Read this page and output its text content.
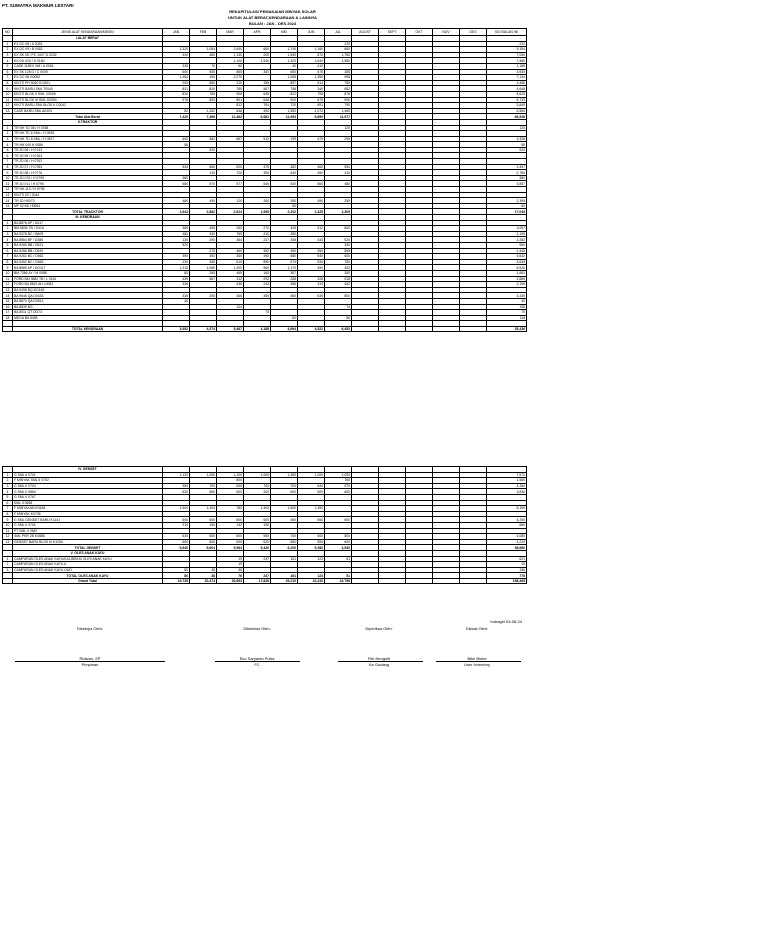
PT. SUMATRA MAKMUR LESTARI
REKAPITULASI PEMAKAIAN MINYAK SOLAR
UNTUK ALAT BERAT,KENDARAAN & LAINNYA
BULAN : JAN - DES 2024
NO	JENIS ALAT KENDARAAN/MESIN	JAN	FEB	MAR	APR	MEI	JUN	JUL	AGUST	SEPT	OKT	NOV	DES	S/D BULAN INI
	I.ALAT BERAT													
1	EX DC 08 / A 0033							220						220
2	EX DC 09 / B 0082	1,320	1,084	2,640	660	1,740	1,160	660						9,194
3	EX SK 05 / PC 1007 D 0232	440	480	1,140	200	1,540	670	1,760						7,050
4	EX DX 023 / D 0160			1,100	1,540	1,320	1,540	1,980						7,480
5	CASE 1189 II SM / A 0064	335	70	60		40	415							1,185
6	EX SK 125 D / C 0009	600	550	865	300	650	675	285						3,930
7	EX DC 08 G0052	1,464	150	2,070		1,065	1,350	995						7,134
8	KKOTI PH 9020 B 0201	200	680	210	155	897	614	750						3,486
9	KKOTI BARU SML T0040	831	820	780	567	758	340	652						4,648
10	KKOTI BLOK II SML C0006	810	765	908	645	822	795	878						5,628
11	KKOTI BLOK III SML D0094	976	803	801	648	920	675	900						5,733
12	KKOTI BARU SML BLOK II C0042			812	764	720	691	790						3,849
13	CASE BARU SML A0104	80	1,262	646	490	1,550	1,070	1,465						6,564
	Total Alat Berat	7,420	7,366	12,462	5,981	11,953	9,890	11,977						66,528
	II.TRAKTOR													
1	TR NH TD 08 / H 0788							120						120
2	TR NH TD 6 SML / H 0928													
3	TR NH TD 6 SML / H 0927	600	582	667	910	199	475	295						3,328
4	TR NH 040 H 0086	58												58
5	TR JD 06 / H 0743		520											520
6	TR JD 05 / H 0763													-
7	TR JD 06 / H 0762													-
8	TR JD 07 / H 0784	545	560	520	370	482	460	550						3,497
9	TR JD 08 / H 0776		110	720	390	640	490	410						2,780
10	TR JD 076 / H 0790	380												380
11	TR JD 011 / H 0795	580	570	577	540	530	560	480						3,857
12	TR NH 110 / H 0796													
13	KKOTI 02 / 0044													
14	TR JD H0073	480	490	120	280	280	490	255						2,395
15	MF 52 BD H0654					60								60
	TOTAL TRACKTOR	2,643	2,882	2,624	1,990	2,202	2,425	2,309						17,045
	III. KENDRAAN													
1	BA 8876 AP / D417													
2	BM 8835 TB / D416	385	455	250	270	425	512	800						3,097
3	BA 9378 BC / B609	480	430	765	210	280								2,195
4	BA 8564 BF / D385	130	290	364	237	308	433	520						2,282
5	BA 9265 BB / D521	520						340						960
6	BA 9266 BB / D520		270	460	490	460	260	595						2,445
7	BA 9262 BC / D562	390	492	360	490	680	540	600						3,642
8	BA 9262 BC / D563	130	455	610	890	670	530	750						3,635
9	BA 8969 AP / DO117	1,210	1,080	1,200	960	1,170	490	400						6,920
10	BM 7386 AY / M 0088	80	265	465	160	367		350						1,663
11	FORD BM 9882 TB / L 0161	439	567	312	293	268	328	518						2,885
12	FORD BA 8843 AH L0082	338		436	243	358	319	452						2,156
13	BA 9258 BQ DO160													
14	BA 9646 QA D0433	335	255	465	450	460	635	800						3,430
15	BA 8870 QA D0513	40												40
16	BA 8839 BG			124				74						198
17	BA 8011 QT DO73				70									70
18	MEGA BA 6455					62		56						118

	TOTAL KENDRAAN	3,952	4,574	5,467	4,188	4,694	4,522	6,453						35,436
	IV. GENSET													
1	G SML II 0701	1,120	1,060	1,100	1,000	1,350	1,000	1,000						7,570
2	F MINYAK SML II 0702			800				760						1,560
3	G SML II 0704	350	700	600	700	700	640	570						4,260
4	G SML II 0864	630	560	600	200	600	600	600						3,830
5	G SML II 0767													
6	SML II 0698													
7	F MINYAKAN K0448	1,500	1,404	780	1,400	1,600	1,350							8,150
8	F MINYAK K0705													
9	G SML GENSET BARU K1141	600	600	800	600	450	550	600						4,200
10	G SML II 0701	210	150	132	150									660
11	PT SML II 0687													
12	SML PKR 2B K0886	630	600	600	550	750	600	800						3,080
13	GENSET BARU BLOK III K1254	600	600	600	620	650	550	600						4,220
	TOTAL GENSET	5,640	5,604	5,964	5,420	6,200	5,280	4,530						38,680
	V. OLES ANAK KAYU													
1	CAMPURAN OLES ANAK KAYU/KALIBRASI OLES ANAK KAYU			19	247	161	123	51						621
2	CAMPURAN OLES ANAK KAYU A			19										19
3	CAMPURAN OLES ANAK KAYU GUD	80	38	38										156
	TOTAL OLES ANAK KAYU	80	38	76	247	161	123	51						776
	Grand Total	19,735	20,474	26,893	17,826	25,210	22,240	24,798						158,465
Indragiri 03-08-24
Disetujui Oleh:	Diketahui Oleh:	Diperiksa Oleh:	Dibuat Oleh:
Ridwan, SP	Eko Saryanto Putra	Fitri Nengsih	Bike Biobe
Pimpinan	FC	Ka Gudang	User Inventory
